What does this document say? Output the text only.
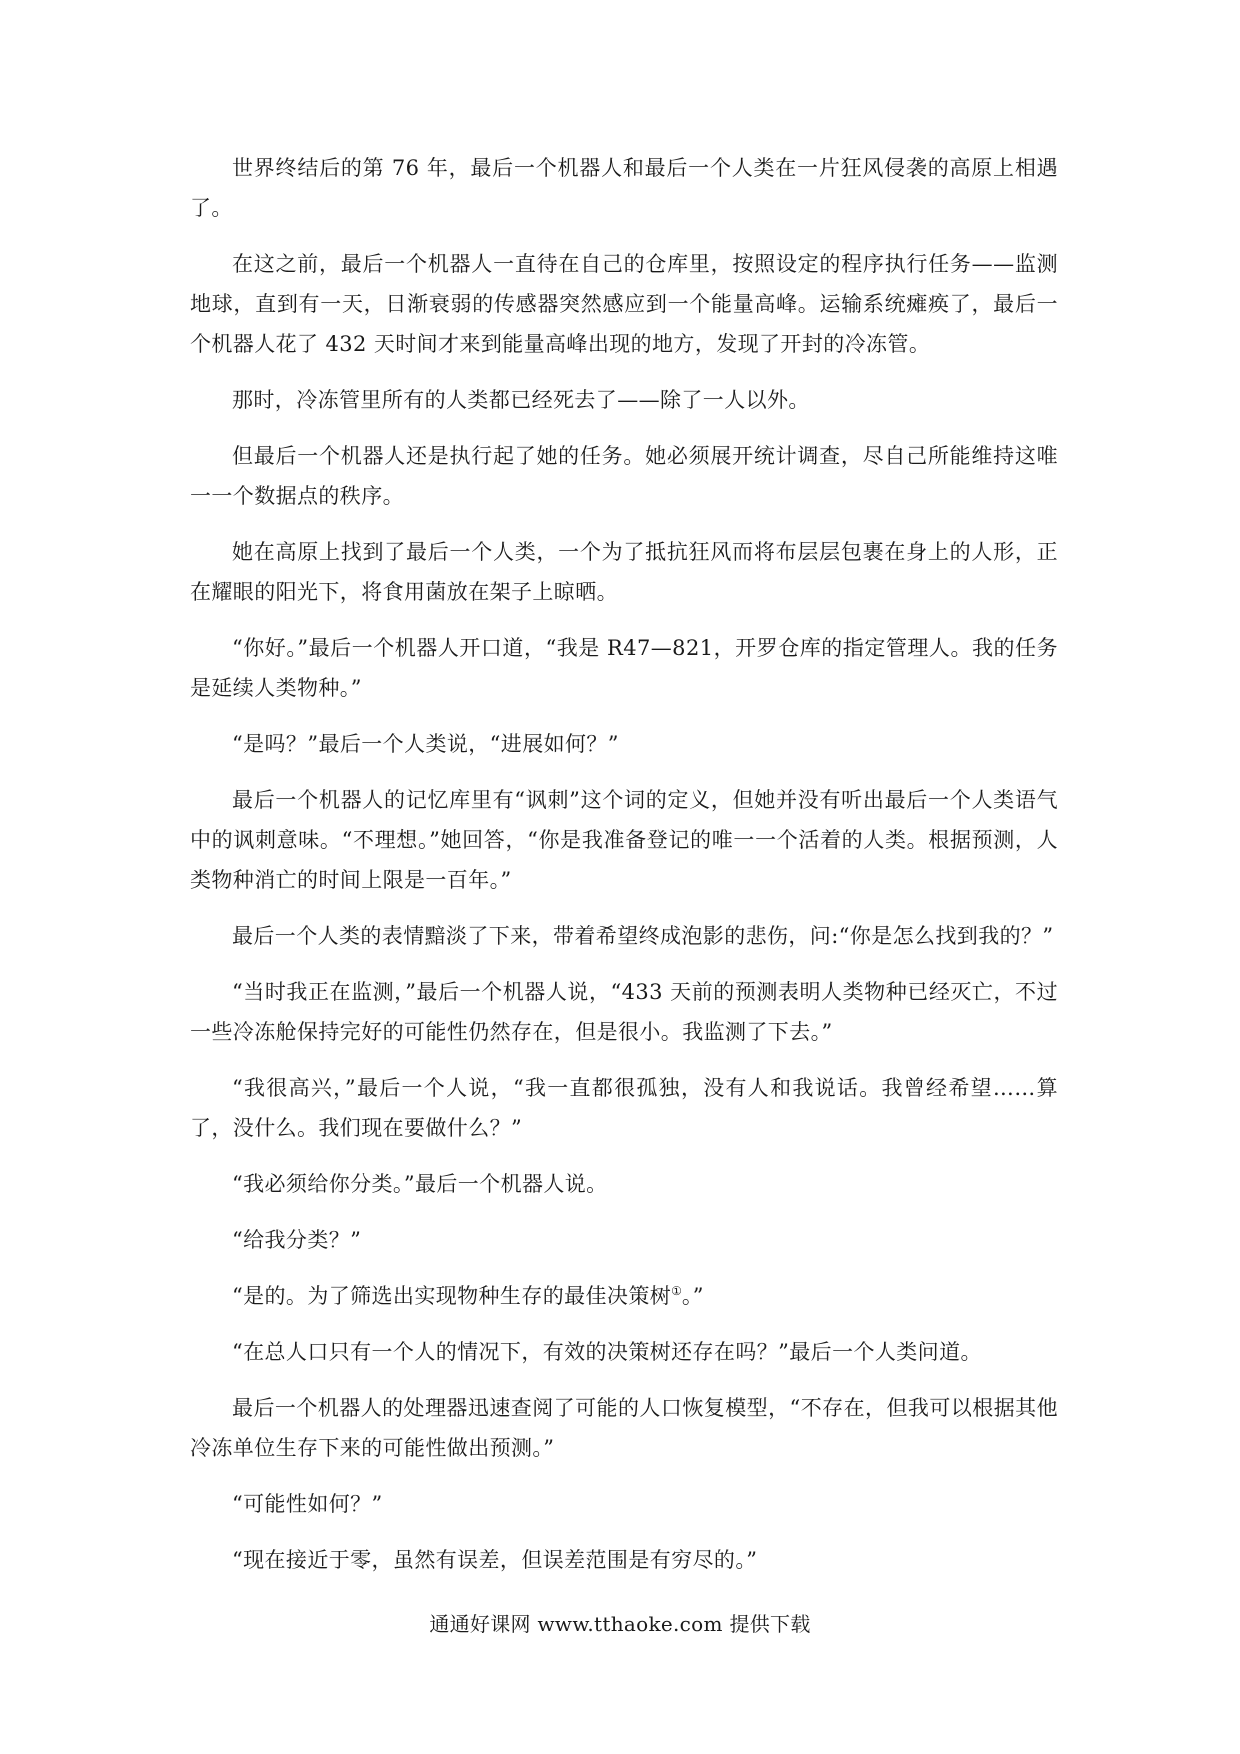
世界终结后的第 76 年，最后一个机器人和最后一个人类在一片狂风侵袭的高原上相遇了。

在这之前，最后一个机器人一直待在自己的仓库里，按照设定的程序执行任务——监测地球，直到有一天，日渐衰弱的传感器突然感应到一个能量高峰。运输系统瘫痪了，最后一个机器人花了 432 天时间才来到能量高峰出现的地方，发现了开封的冷冻管。

那时，冷冻管里所有的人类都已经死去了——除了一人以外。

但最后一个机器人还是执行起了她的任务。她必须展开统计调查，尽自己所能维持这唯一一个数据点的秩序。

她在高原上找到了最后一个人类，一个为了抵抗狂风而将布层层包裹在身上的人形，正在耀眼的阳光下，将食用菌放在架子上晾晒。

“你好。”最后一个机器人开口道，“我是 R47—821，开罗仓库的指定管理人。我的任务是延续人类物种。”

“是吗？”最后一个人类说，“进展如何？”

最后一个机器人的记忆库里有“讽刺”这个词的定义，但她并没有听出最后一个人类语气中的讽刺意味。“不理想。”她回答，“你是我准备登记的唯一一个活着的人类。根据预测，人类物种消亡的时间上限是一百年。”

最后一个人类的表情黯淡了下来，带着希望终成泡影的悲伤，问:“你是怎么找到我的？”

“当时我正在监测，”最后一个机器人说，“433 天前的预测表明人类物种已经灭亡，不过一些冷冻舱保持完好的可能性仍然存在，但是很小。我监测了下去。”

“我很高兴，”最后一个人说，“我一直都很孤独，没有人和我说话。我曾经希望……算了，没什么。我们现在要做什么？”

“我必须给你分类。”最后一个机器人说。

“给我分类？”

“是的。为了筛选出实现物种生存的最佳决策树①。”

“在总人口只有一个人的情况下，有效的决策树还存在吗？”最后一个人类问道。

最后一个机器人的处理器迅速查阅了可能的人口恢复模型，“不存在，但我可以根据其他冷冻单位生存下来的可能性做出预测。”

“可能性如何？”

“现在接近于零，虽然有误差，但误差范围是有穷尽的。”

通通好课网 www.tthaoke.com 提供下载
